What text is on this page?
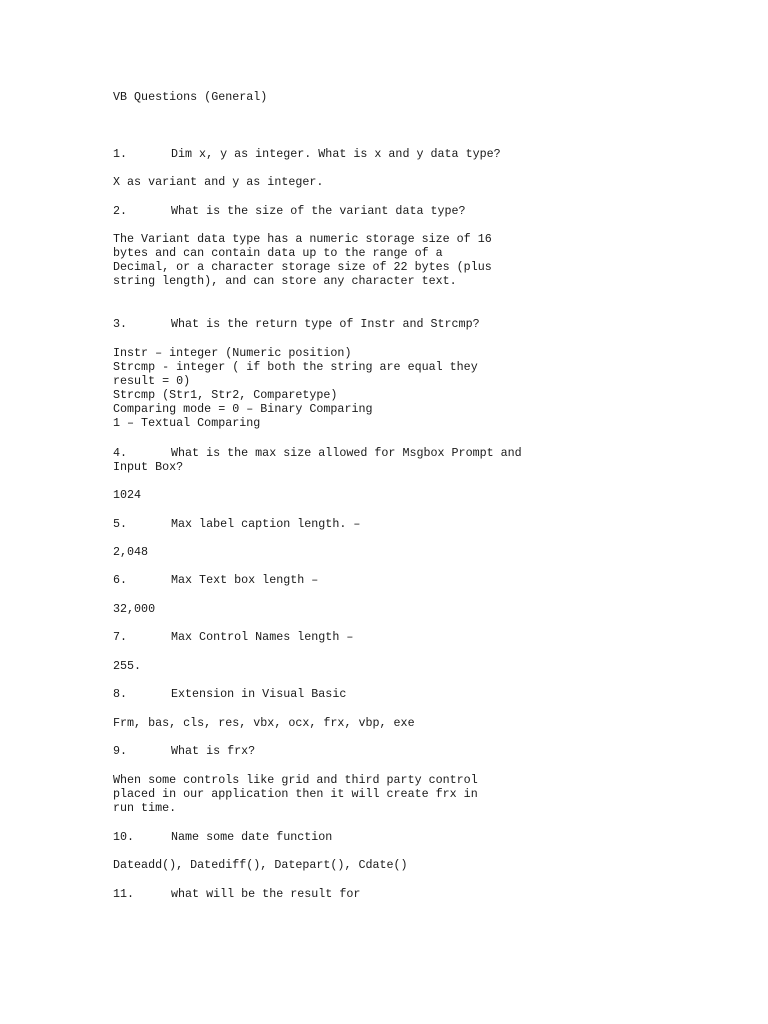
VB Questions (General)
1.	Dim x, y as integer. What is x and y data type?
X as variant and y as integer.
2.	What is the size of the variant data type?
The Variant data type has a numeric storage size of 16
bytes and can contain data up to the range of a
Decimal, or a character storage size of 22 bytes (plus
string length), and can store any character text.
3.	What is the return type of Instr and Strcmp?
Instr – integer (Numeric position)
Strcmp - integer ( if both the string are equal they
result = 0)
Strcmp (Str1, Str2, Comparetype)
Comparing mode = 0 – Binary Comparing
1 – Textual Comparing
4.	What is the max size allowed for Msgbox Prompt and
Input Box?
1024
5.	Max label caption length. –
2,048
6.	Max Text box length –
32,000
7.	Max Control Names length –
255.
8.	Extension in Visual Basic
Frm, bas, cls, res, vbx, ocx, frx, vbp, exe
9.	What is frx?
When some controls like grid and third party control
placed in our application then it will create frx in
run time.
10.	Name some date function
Dateadd(), Datediff(), Datepart(), Cdate()
11.	what will be the result for
